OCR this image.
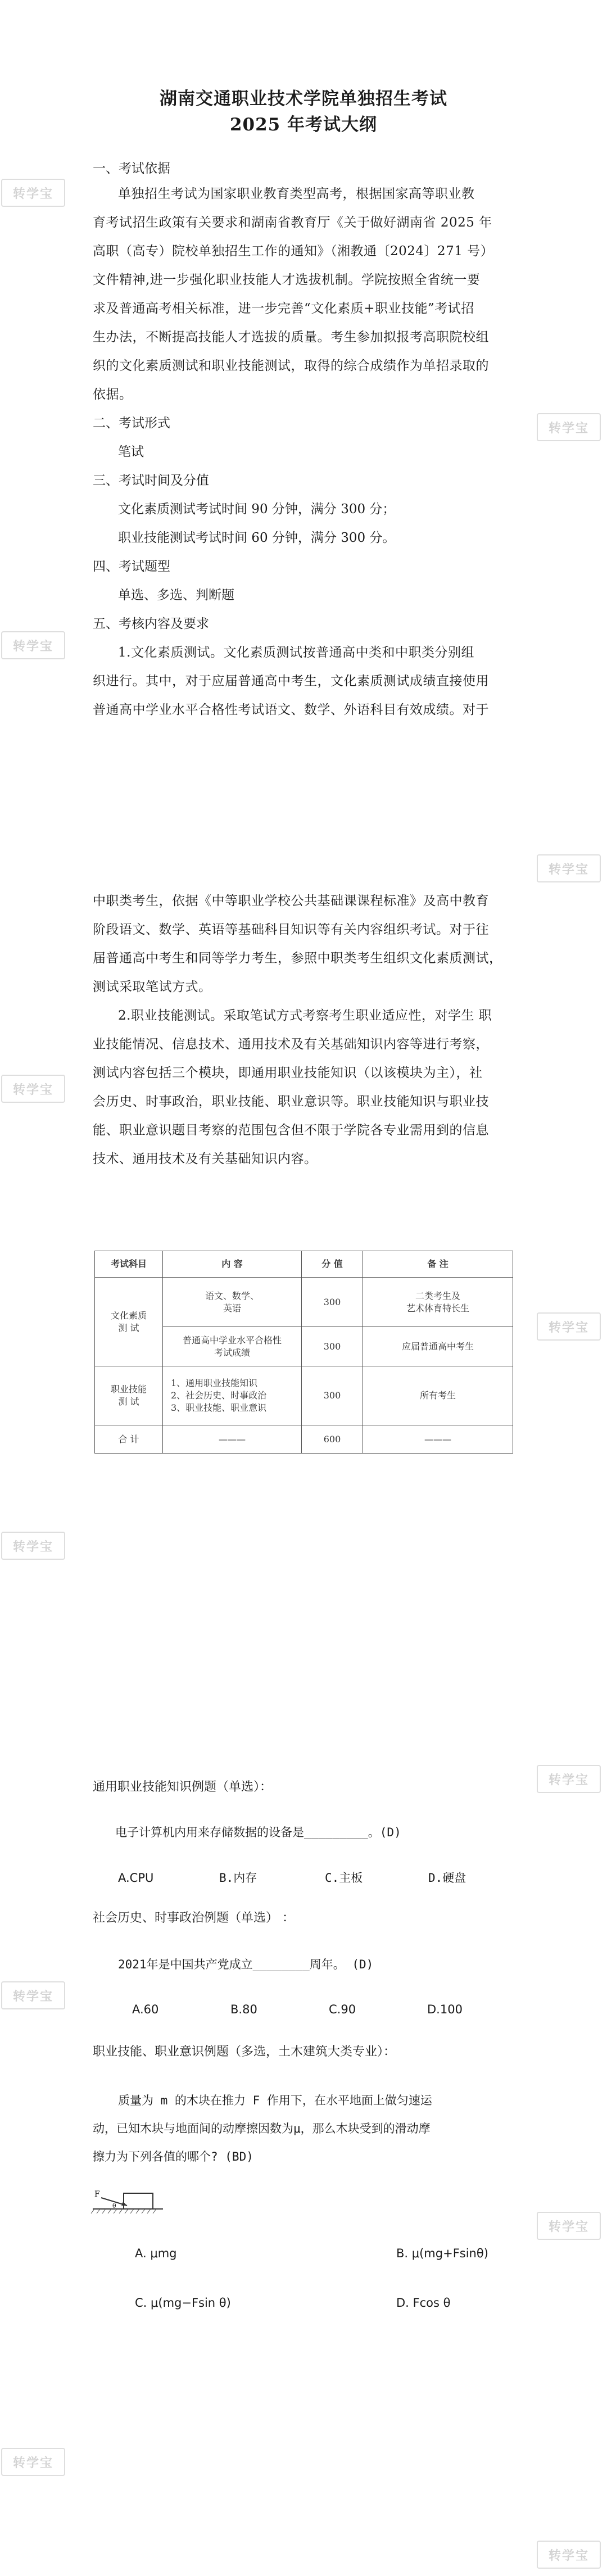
湖南交通职业技术学院单独招生考试
2025 年考试大纲
一、考试依据
单独招生考试为国家职业教育类型高考，根据国家高等职业教
育考试招生政策有关要求和湖南省教育厅《关于做好湖南省 2025 年
高职（高专）院校单独招生工作的通知》（湘教通〔2024〕271 号）
文件精神,进一步强化职业技能人才选拔机制。学院按照全省统一要
求及普通高考相关标准，进一步完善“文化素质+职业技能”考试招
生办法，不断提高技能人才选拔的质量。考生参加拟报考高职院校组
织的文化素质测试和职业技能测试，取得的综合成绩作为单招录取的
依据。
二、考试形式
笔试
三、考试时间及分值
文化素质测试考试时间 90 分钟，满分 300 分；
职业技能测试考试时间 60 分钟，满分 300 分。
四、考试题型
单选、多选、判断题
五、考核内容及要求
1.文化素质测试。文化素质测试按普通高中类和中职类分别组
织进行。其中，对于应届普通高中考生，文化素质测试成绩直接使用
普通高中学业水平合格性考试语文、数学、外语科目有效成绩。对于
中职类考生，依据《中等职业学校公共基础课课程标准》及高中教育
阶段语文、数学、英语等基础科目知识等有关内容组织考试。对于往
届普通高中考生和同等学力考生，参照中职类考生组织文化素质测试，
测试采取笔试方式。
2.职业技能测试。采取笔试方式考察考生职业适应性，对学生 职
业技能情况、信息技术、通用技术及有关基础知识内容等进行考察，
测试内容包括三个模块，即通用职业技能知识（以该模块为主），社
会历史、时事政治，职业技能、职业意识等。职业技能知识与职业技
能、职业意识题目考察的范围包含但不限于学院各专业需用到的信息
技术、通用技术及有关基础知识内容。
考试科目	内 容	分 值	备 注
文化素质
测 试	语文、数学、
英语	300	二类考生及
艺术体育特长生
	普通高中学业水平合格性
考试成绩	300	应届普通高中考生
职业技能
测 试	1、通用职业技能知识
2、社会历史、时事政治
3、职业技能、职业意识	300	所有考生
合 计	———	600	———
通用职业技能知识例题（单选）：
电子计算机内用来存储数据的设备是_________。(D)
A.CPU	B.内存	C.主板	D.硬盘
社会历史、时事政治例题（单选） ：
2021年是中国共产党成立________周年。 (D)
A.60	B.80	C.90	D.100
职业技能、职业意识例题（多选，土木建筑大类专业）：
质量为 m 的木块在推力 F 作用下，在水平地面上做匀速运
动，已知木块与地面间的动摩擦因数为μ，那么木块受到的滑动摩
擦力为下列各值的哪个? (BD)
F
θ
A. μmg	B. μ(mg+Fsinθ)
C. μ(mg−Fsin θ)	D. Fcos θ
转学宝
转学宝
转学宝
转学宝
转学宝
转学宝
转学宝
转学宝
转学宝
转学宝
转学宝
转学宝
